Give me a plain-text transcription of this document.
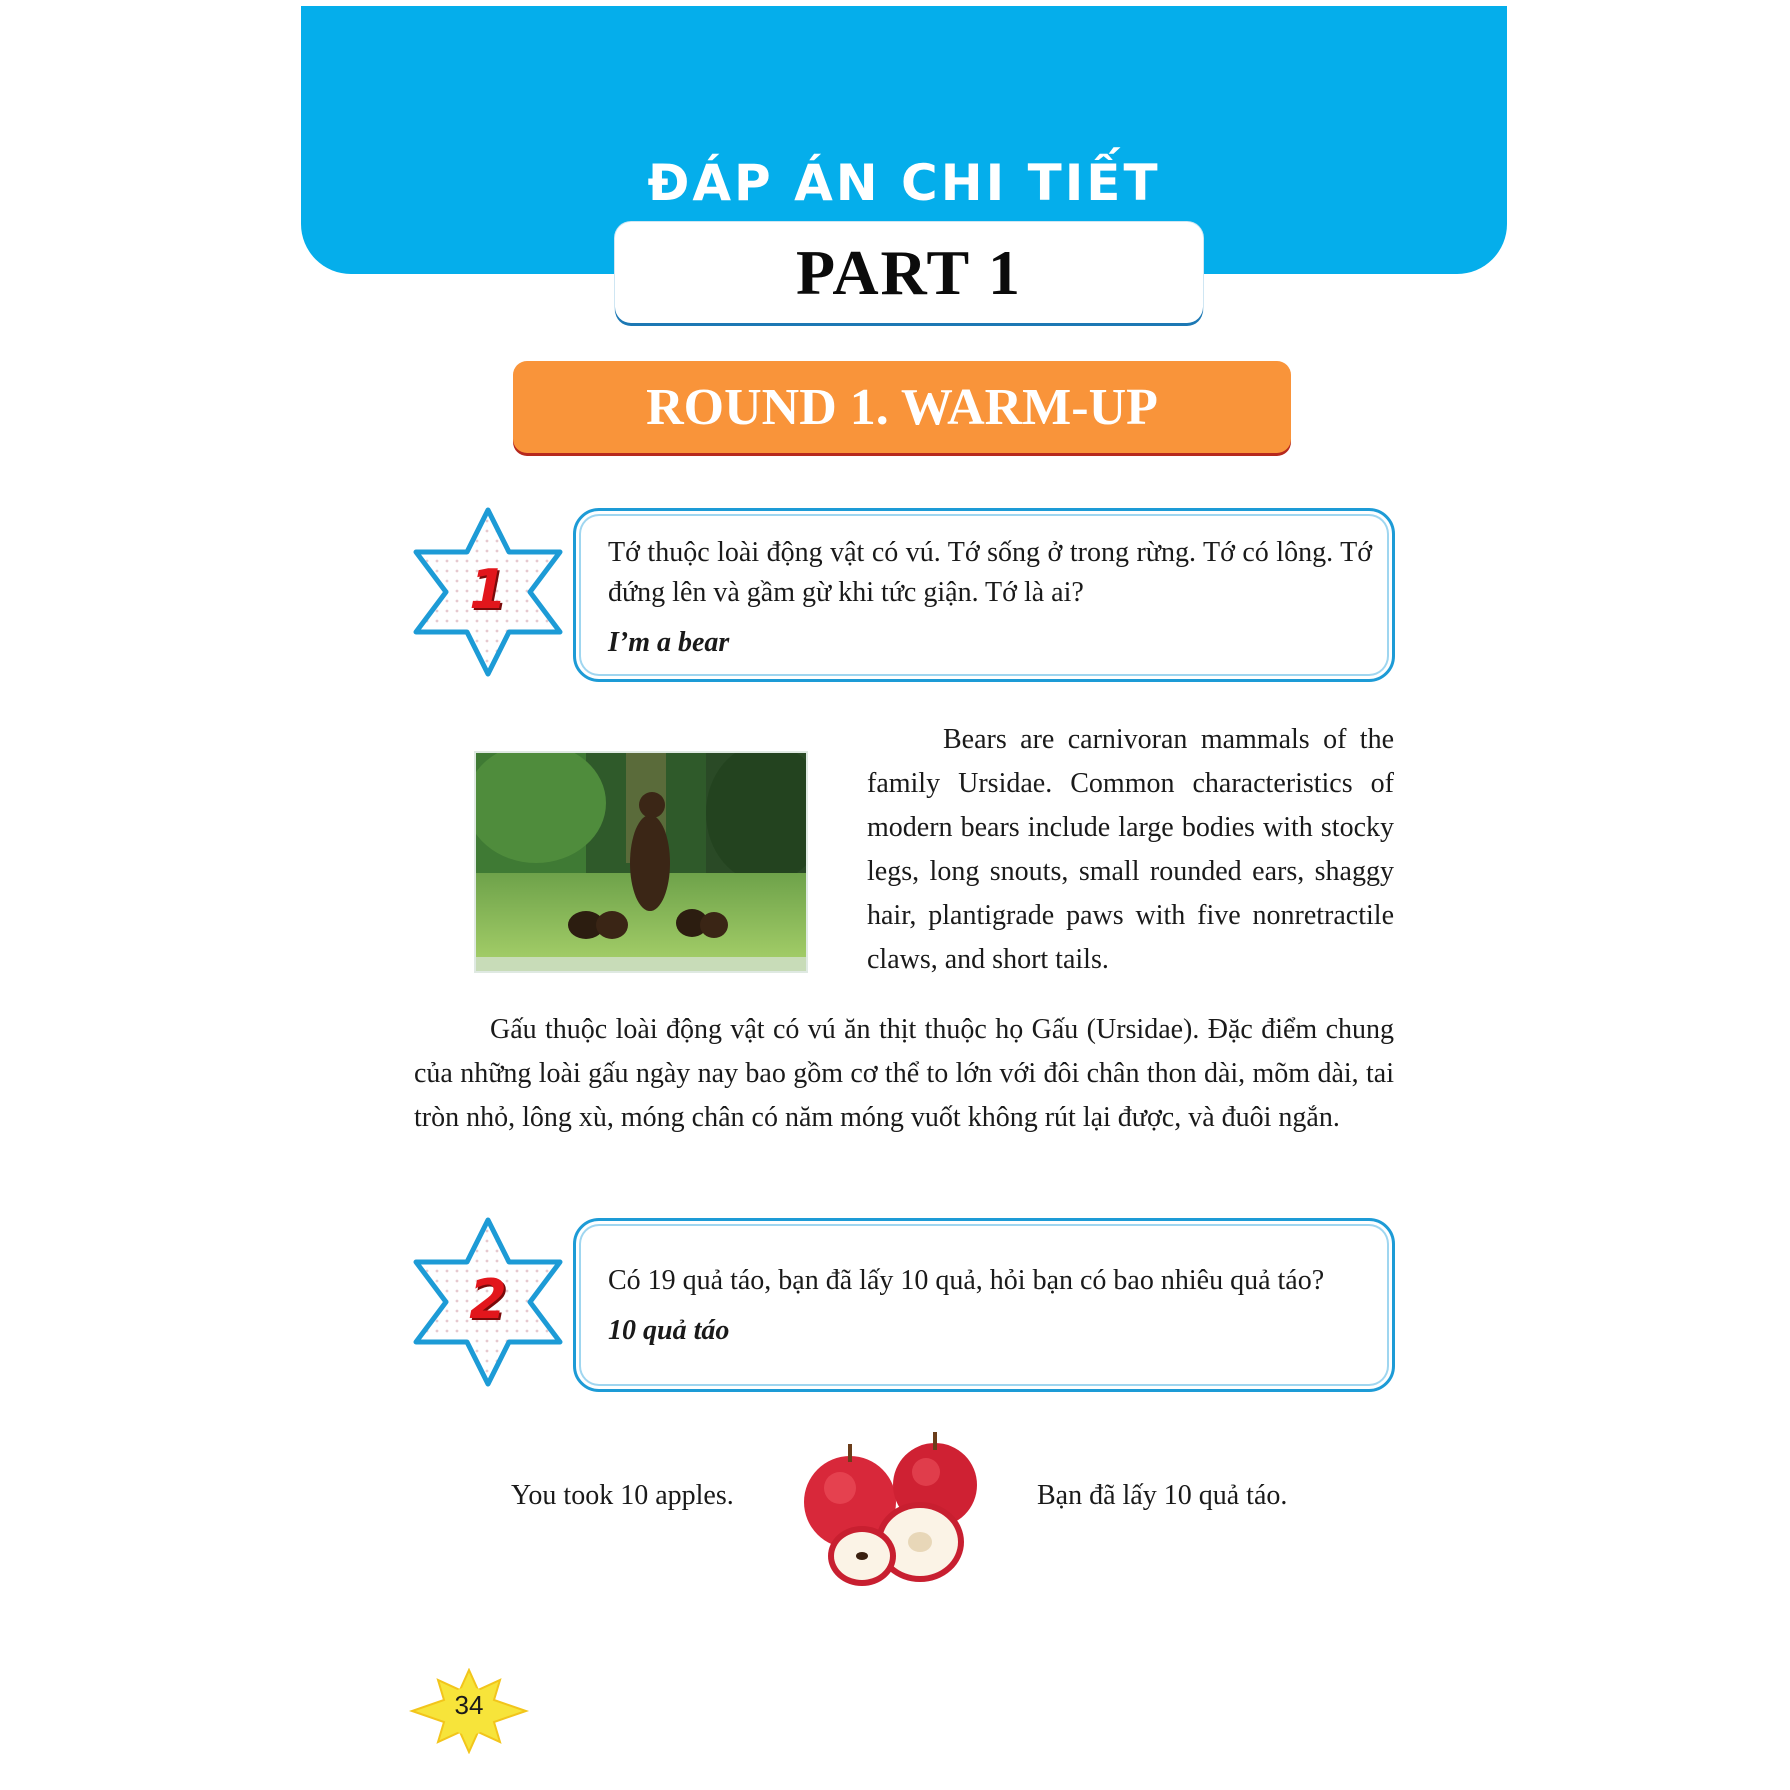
ĐÁP ÁN CHI TIẾT
PART 1
ROUND 1. WARM-UP
1

Tớ thuộc loài động vật có vú. Tớ sống ở trong rừng. Tớ có lông. Tớ đứng lên và gầm gừ khi tức giận. Tớ là ai?

I’m a bear

Bears are carnivoran mammals of the family Ursidae. Common characteristics of modern bears include large bodies with stocky legs, long snouts, small rounded ears, shaggy hair, plantigrade paws with five nonretractile claws, and short tails.

Gấu thuộc loài động vật có vú ăn thịt thuộc họ Gấu (Ursidae). Đặc điểm chung của những loài gấu ngày nay bao gồm cơ thể to lớn với đôi chân thon dài, mõm dài, tai tròn nhỏ, lông xù, móng chân có năm móng vuốt không rút lại được, và đuôi ngắn.

2	Có 19 quả táo, bạn đã lấy 10 quả, hỏi bạn có bao nhiêu quả táo?

10 quả táo

You took 10 apples.	Bạn đã lấy 10 quả táo.
34
